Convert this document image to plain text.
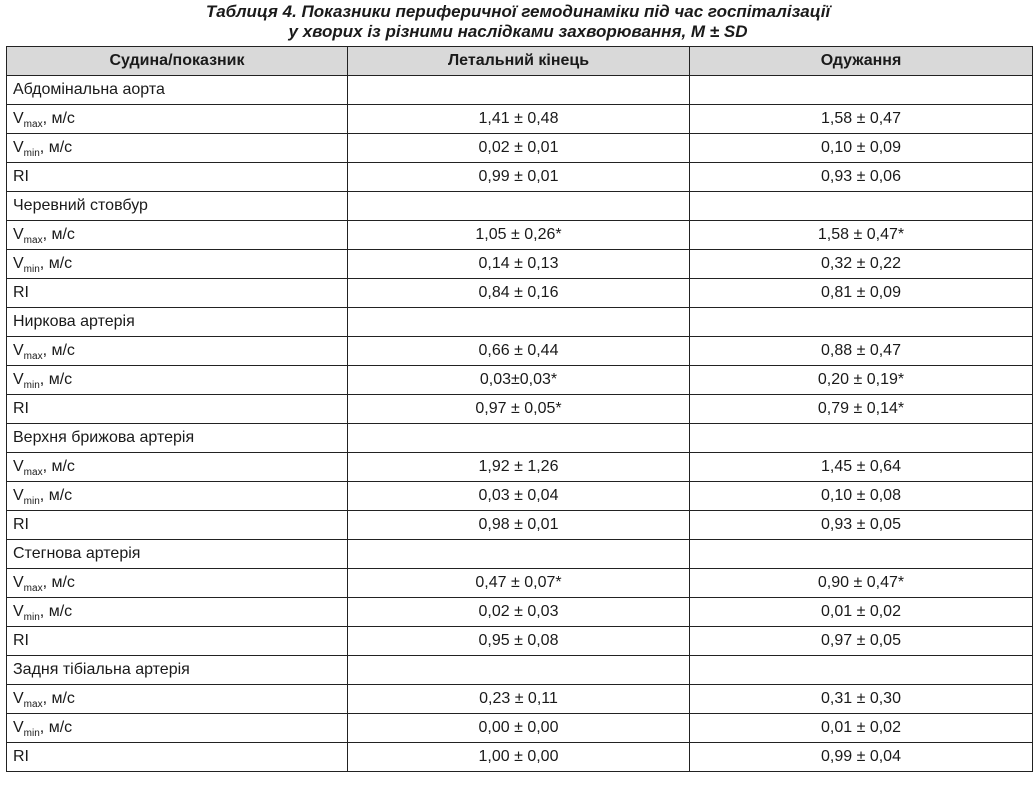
Таблиця 4. Показники периферичної гемодинаміки під час госпіталізації
у хворих із різними наслідками захворювання, M ± SD
Судина/показник	Летальний кінець	Одужання
Абдомінальна аорта		
$V_{max}$, м/с	1,41 ± 0,48	1,58 ± 0,47
$V_{min}$, м/с	0,02 ± 0,01	0,10 ± 0,09
RI	0,99 ± 0,01	0,93 ± 0,06
Черевний стовбур		
$V_{max}$, м/с	1,05 ± 0,26*	1,58 ± 0,47*
$V_{min}$, м/с	0,14 ± 0,13	0,32 ± 0,22
RI	0,84 ± 0,16	0,81 ± 0,09
Ниркова артерія		
$V_{max}$, м/с	0,66 ± 0,44	0,88 ± 0,47
$V_{min}$, м/с	0,03±0,03*	0,20 ± 0,19*
RI	0,97 ± 0,05*	0,79 ± 0,14*
Верхня брижова артерія		
$V_{max}$, м/с	1,92 ± 1,26	1,45 ± 0,64
$V_{min}$, м/с	0,03 ± 0,04	0,10 ± 0,08
RI	0,98 ± 0,01	0,93 ± 0,05
Стегнова артерія		
$V_{max}$, м/с	0,47 ± 0,07*	0,90 ± 0,47*
$V_{min}$, м/с	0,02 ± 0,03	0,01 ± 0,02
RI	0,95 ± 0,08	0,97 ± 0,05
Задня тібіальна артерія		
$V_{max}$, м/с	0,23 ± 0,11	0,31 ± 0,30
$V_{min}$, м/с	0,00 ± 0,00	0,01 ± 0,02
RI	1,00 ± 0,00	0,99 ± 0,04
